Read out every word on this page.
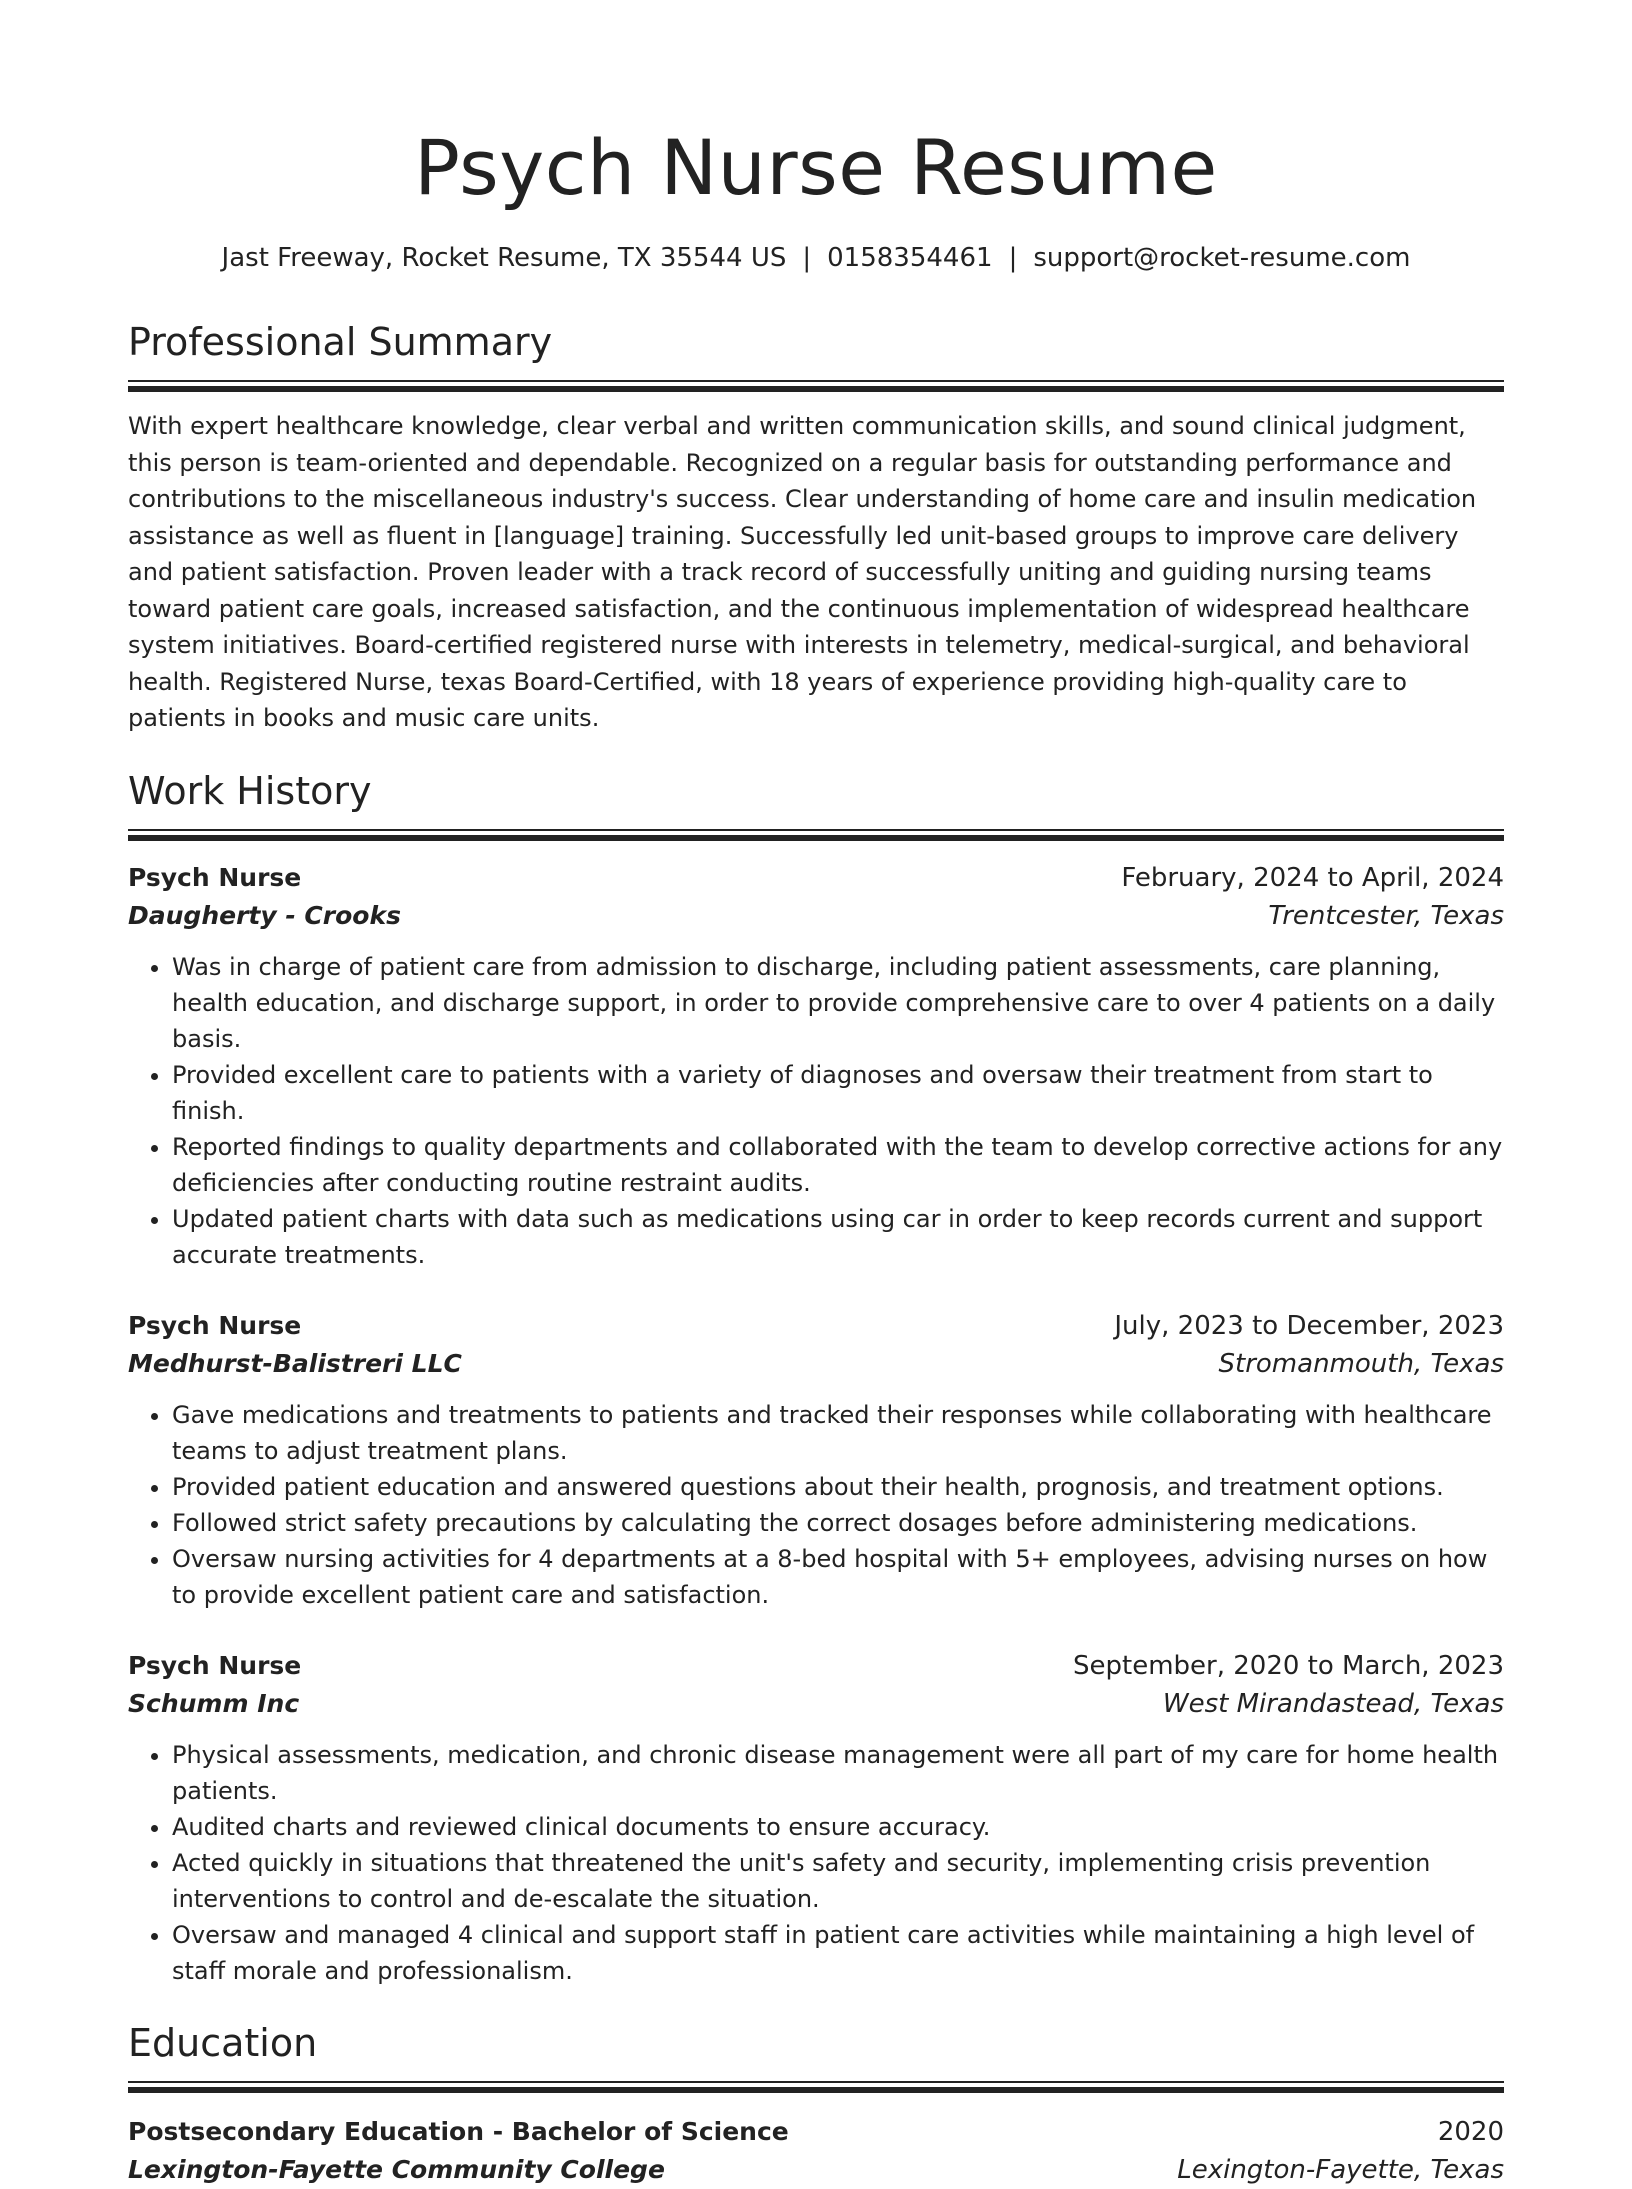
Psych Nurse Resume
Jast Freeway, Rocket Resume, TX 35544 US | 0158354461 | support@rocket-resume.com
Professional Summary

With expert healthcare knowledge, clear verbal and written communication skills, and sound clinical judgment, this person is team-oriented and dependable. Recognized on a regular basis for outstanding performance and contributions to the miscellaneous industry's success. Clear understanding of home care and insulin medication assistance as well as fluent in [language] training. Successfully led unit-based groups to improve care delivery and patient satisfaction. Proven leader with a track record of successfully uniting and guiding nursing teams toward patient care goals, increased satisfaction, and the continuous implementation of widespread healthcare system initiatives. Board-certified registered nurse with interests in telemetry, medical-surgical, and behavioral health. Registered Nurse, texas Board-Certified, with 18 years of experience providing high-quality care to patients in books and music care units.

Work History
Psych Nurse	February, 2024 to April, 2024
Daugherty - Crooks	Trentcester, Texas
• Was in charge of patient care from admission to discharge, including patient assessments, care planning, health education, and discharge support, in order to provide comprehensive care to over 4 patients on a daily basis.
• Provided excellent care to patients with a variety of diagnoses and oversaw their treatment from start to finish.
• Reported findings to quality departments and collaborated with the team to develop corrective actions for any deficiencies after conducting routine restraint audits.
• Updated patient charts with data such as medications using car in order to keep records current and support accurate treatments.
Psych Nurse	July, 2023 to December, 2023
Medhurst-Balistreri LLC	Stromanmouth, Texas
• Gave medications and treatments to patients and tracked their responses while collaborating with healthcare teams to adjust treatment plans.
• Provided patient education and answered questions about their health, prognosis, and treatment options.
• Followed strict safety precautions by calculating the correct dosages before administering medications.
• Oversaw nursing activities for 4 departments at a 8-bed hospital with 5+ employees, advising nurses on how to provide excellent patient care and satisfaction.
Psych Nurse	September, 2020 to March, 2023
Schumm Inc	West Mirandastead, Texas
• Physical assessments, medication, and chronic disease management were all part of my care for home health patients.
• Audited charts and reviewed clinical documents to ensure accuracy.
• Acted quickly in situations that threatened the unit's safety and security, implementing crisis prevention interventions to control and de-escalate the situation.
• Oversaw and managed 4 clinical and support staff in patient care activities while maintaining a high level of staff morale and professionalism.
Education
Postsecondary Education - Bachelor of Science	2020
Lexington-Fayette Community College	Lexington-Fayette, Texas
